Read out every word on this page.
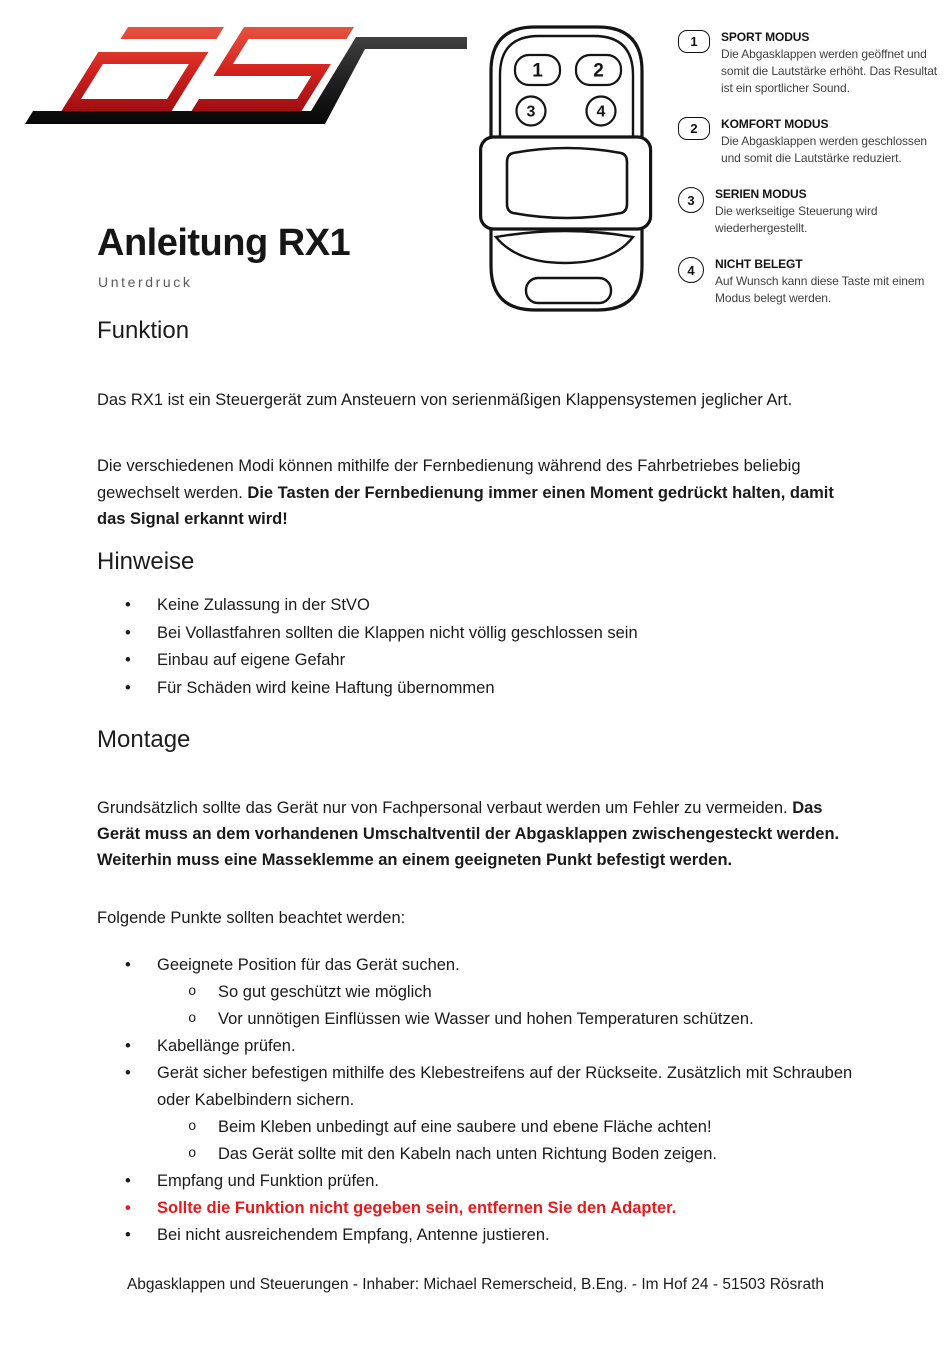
1	2
3	4
1	SPORT MODUS
Die Abgasklappen werden geöffnet und somit die Lautstärke erhöht. Das Resultat ist ein sportlicher Sound.
2	KOMFORT MODUS
Die Abgasklappen werden geschlossen und somit die Lautstärke reduziert.
3	SERIEN MODUS
Die werkseitige Steuerung wird wiederhergestellt.
4	NICHT BELEGT
Auf Wunsch kann diese Taste mit einem Modus belegt werden.
Anleitung RX1
Unterdruck
Funktion

Das RX1 ist ein Steuergerät zum Ansteuern von serienmäßigen Klappensystemen jeglicher Art.

Die verschiedenen Modi können mithilfe der Fernbedienung während des Fahrbetriebes beliebig gewechselt werden. Die Tasten der Fernbedienung immer einen Moment gedrückt halten, damit das Signal erkannt wird!

Hinweise
• Keine Zulassung in der StVO
• Bei Vollastfahren sollten die Klappen nicht völlig geschlossen sein
• Einbau auf eigene Gefahr
• Für Schäden wird keine Haftung übernommen
Montage

Grundsätzlich sollte das Gerät nur von Fachpersonal verbaut werden um Fehler zu vermeiden. Das Gerät muss an dem vorhandenen Umschaltventil der Abgasklappen zwischengesteckt werden. Weiterhin muss eine Masseklemme an einem geeigneten Punkt befestigt werden.

Folgende Punkte sollten beachtet werden:

• Geeignete Position für das Gerät suchen.
o So gut geschützt wie möglich
o Vor unnötigen Einflüssen wie Wasser und hohen Temperaturen schützen.
• Kabellänge prüfen.
• Gerät sicher befestigen mithilfe des Klebestreifens auf der Rückseite. Zusätzlich mit Schrauben oder Kabelbindern sichern.
o Beim Kleben unbedingt auf eine saubere und ebene Fläche achten!
o Das Gerät sollte mit den Kabeln nach unten Richtung Boden zeigen.
• Empfang und Funktion prüfen.
• Sollte die Funktion nicht gegeben sein, entfernen Sie den Adapter.
• Bei nicht ausreichendem Empfang, Antenne justieren.
Abgasklappen und Steuerungen - Inhaber: Michael Remerscheid, B.Eng. - Im Hof 24 - 51503 Rösrath
